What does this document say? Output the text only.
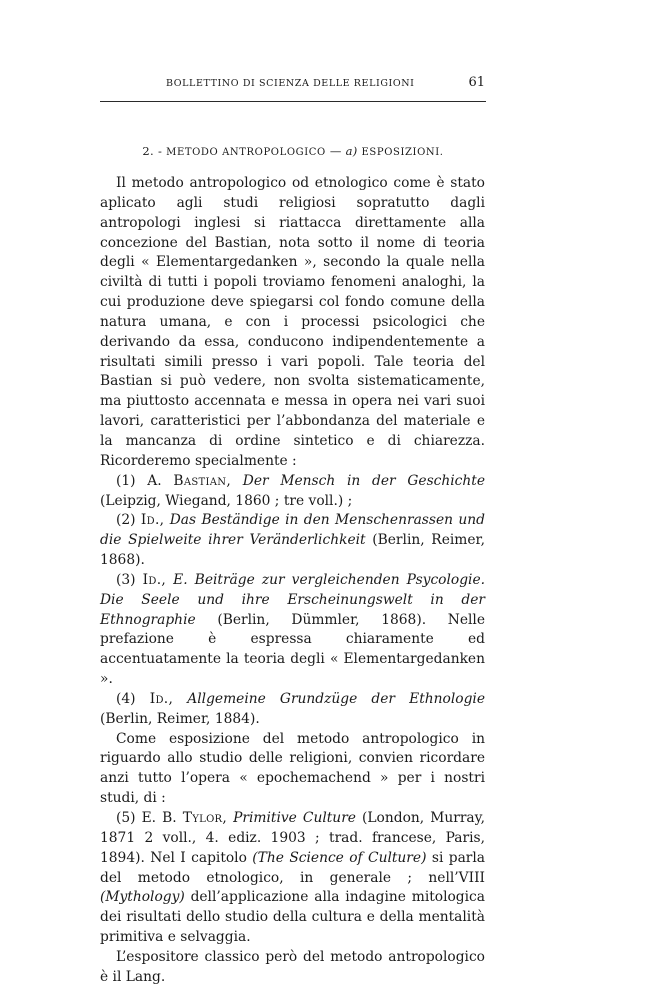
BOLLETTINO DI SCIENZA DELLE RELIGIONI	61
2. - METODO ANTROPOLOGICO — a) ESPOSIZIONI.

Il metodo antropologico od etnologico come è stato aplicato agli studi religiosi sopratutto dagli antropologi inglesi si riattacca direttamente alla concezione del Bastian, nota sotto il nome di teoria degli « Elementargedanken », secondo la quale nella civiltà di tutti i popoli troviamo fenomeni analoghi, la cui produzione deve spiegarsi col fondo comune della natura umana, e con i processi psicologici che derivando da essa, conducono indipendentemente a risultati simili presso i vari popoli. Tale teoria del Bastian si può vedere, non svolta sistematicamente, ma piuttosto accennata e messa in opera nei vari suoi lavori, caratteristici per l’abbondanza del materiale e la mancanza di ordine sintetico e di chiarezza. Ricorderemo specialmente :

(1) A. Bastian, Der Mensch in der Geschichte (Leipzig, Wiegand, 1860 ; tre voll.) ;

(2) Id., Das Beständige in den Menschenrassen und die Spielweite ihrer Veränderlichkeit (Berlin, Reimer, 1868).

(3) Id., E. Beiträge zur vergleichenden Psycologie. Die Seele und ihre Erscheinungswelt in der Ethnographie (Berlin, Dümmler, 1868). Nelle prefazione è espressa chiaramente ed accentuatamente la teoria degli « Elementargedanken ».

(4) Id., Allgemeine Grundzüge der Ethnologie (Berlin, Reimer, 1884).

Come esposizione del metodo antropologico in riguardo allo studio delle religioni, convien ricordare anzi tutto l’opera « epochemachend » per i nostri studi, di :

(5) E. B. Tylor, Primitive Culture (London, Murray, 1871 2 voll., 4. ediz. 1903 ; trad. francese, Paris, 1894). Nel I capitolo (The Science of Culture) si parla del metodo etnologico, in generale ; nell’VIII (Mythology) dell’applicazione alla indagine mitologica dei risultati dello studio della cultura e della mentalità primitiva e selvaggia.

L’espositore classico però del metodo antropologico è il Lang.
